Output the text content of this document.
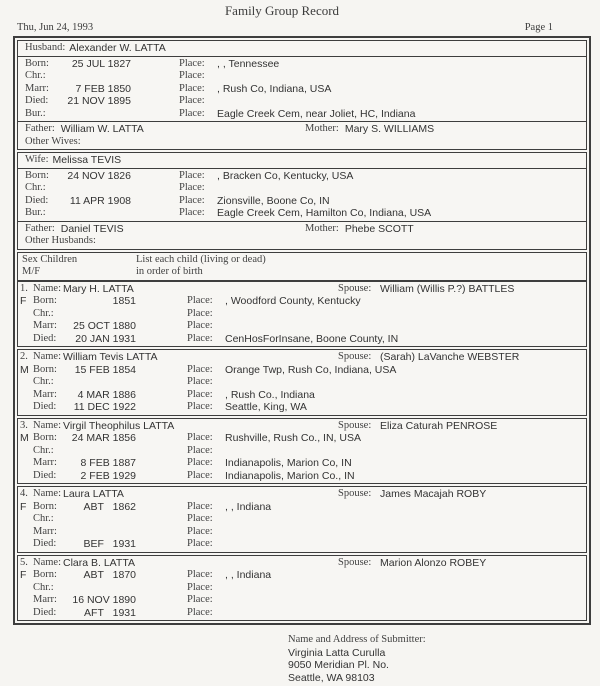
Family Group Record
Thu, Jun 24, 1993	Page 1
Husband: Alexander W. LATTA
Born:	25 JUL 1827	Place:	, , Tennessee
Chr.:	Place:
Marr:	7 FEB 1850	Place:	, Rush Co, Indiana, USA
Died:	21 NOV 1895	Place:
Bur.:	Place:	Eagle Creek Cem, near Joliet, HC, Indiana
Father: William W. LATTA	Mother: Mary S. WILLIAMS
Other Wives:
Wife: Melissa TEVIS
Born:	24 NOV 1826	Place:	, Bracken Co, Kentucky, USA
Chr.:	Place:
Died:	11 APR 1908	Place:	Zionsville, Boone Co, IN
Bur.:	Place:	Eagle Creek Cem, Hamilton Co, Indiana, USA
Father: Daniel TEVIS	Mother: Phebe SCOTT
Other Husbands:
Sex Children	List each child (living or dead)
M/F	in order of birth
1. Name: Mary H. LATTA	Spouse: William (Willis P.?) BATTLES
F Born:	1851	Place:	, Woodford County, Kentucky
Chr.:	Place:
Marr:	25 OCT 1880	Place:
Died:	20 JAN 1931	Place:	CenHosForInsane, Boone County, IN
2. Name: William Tevis LATTA	Spouse: (Sarah) LaVanche WEBSTER
M Born:	15 FEB 1854	Place:	Orange Twp, Rush Co, Indiana, USA
Chr.:	Place:
Marr:	4 MAR 1886	Place:	, Rush Co., Indiana
Died:	11 DEC 1922	Place:	Seattle, King, WA
3. Name: Virgil Theophilus LATTA	Spouse: Eliza Caturah PENROSE
M Born:	24 MAR 1856	Place:	Rushville, Rush Co., IN, USA
Chr.:	Place:
Marr:	8 FEB 1887	Place:	Indianapolis, Marion Co, IN
Died:	2 FEB 1929	Place:	Indianapolis, Marion Co., IN
4. Name: Laura LATTA	Spouse: James Macajah ROBY
F Born:	ABT   1862	Place:	, , Indiana
Chr.:	Place:
Marr:	Place:
Died:	BEF   1931	Place:
5. Name: Clara B. LATTA	Spouse: Marion Alonzo ROBEY
F Born:	ABT   1870	Place:	, , Indiana
Chr.:	Place:
Marr:	16 NOV 1890	Place:
Died:	AFT   1931	Place:
Name and Address of Submitter:
Virginia Latta Curulla
9050 Meridian Pl. No.
Seattle, WA 98103
